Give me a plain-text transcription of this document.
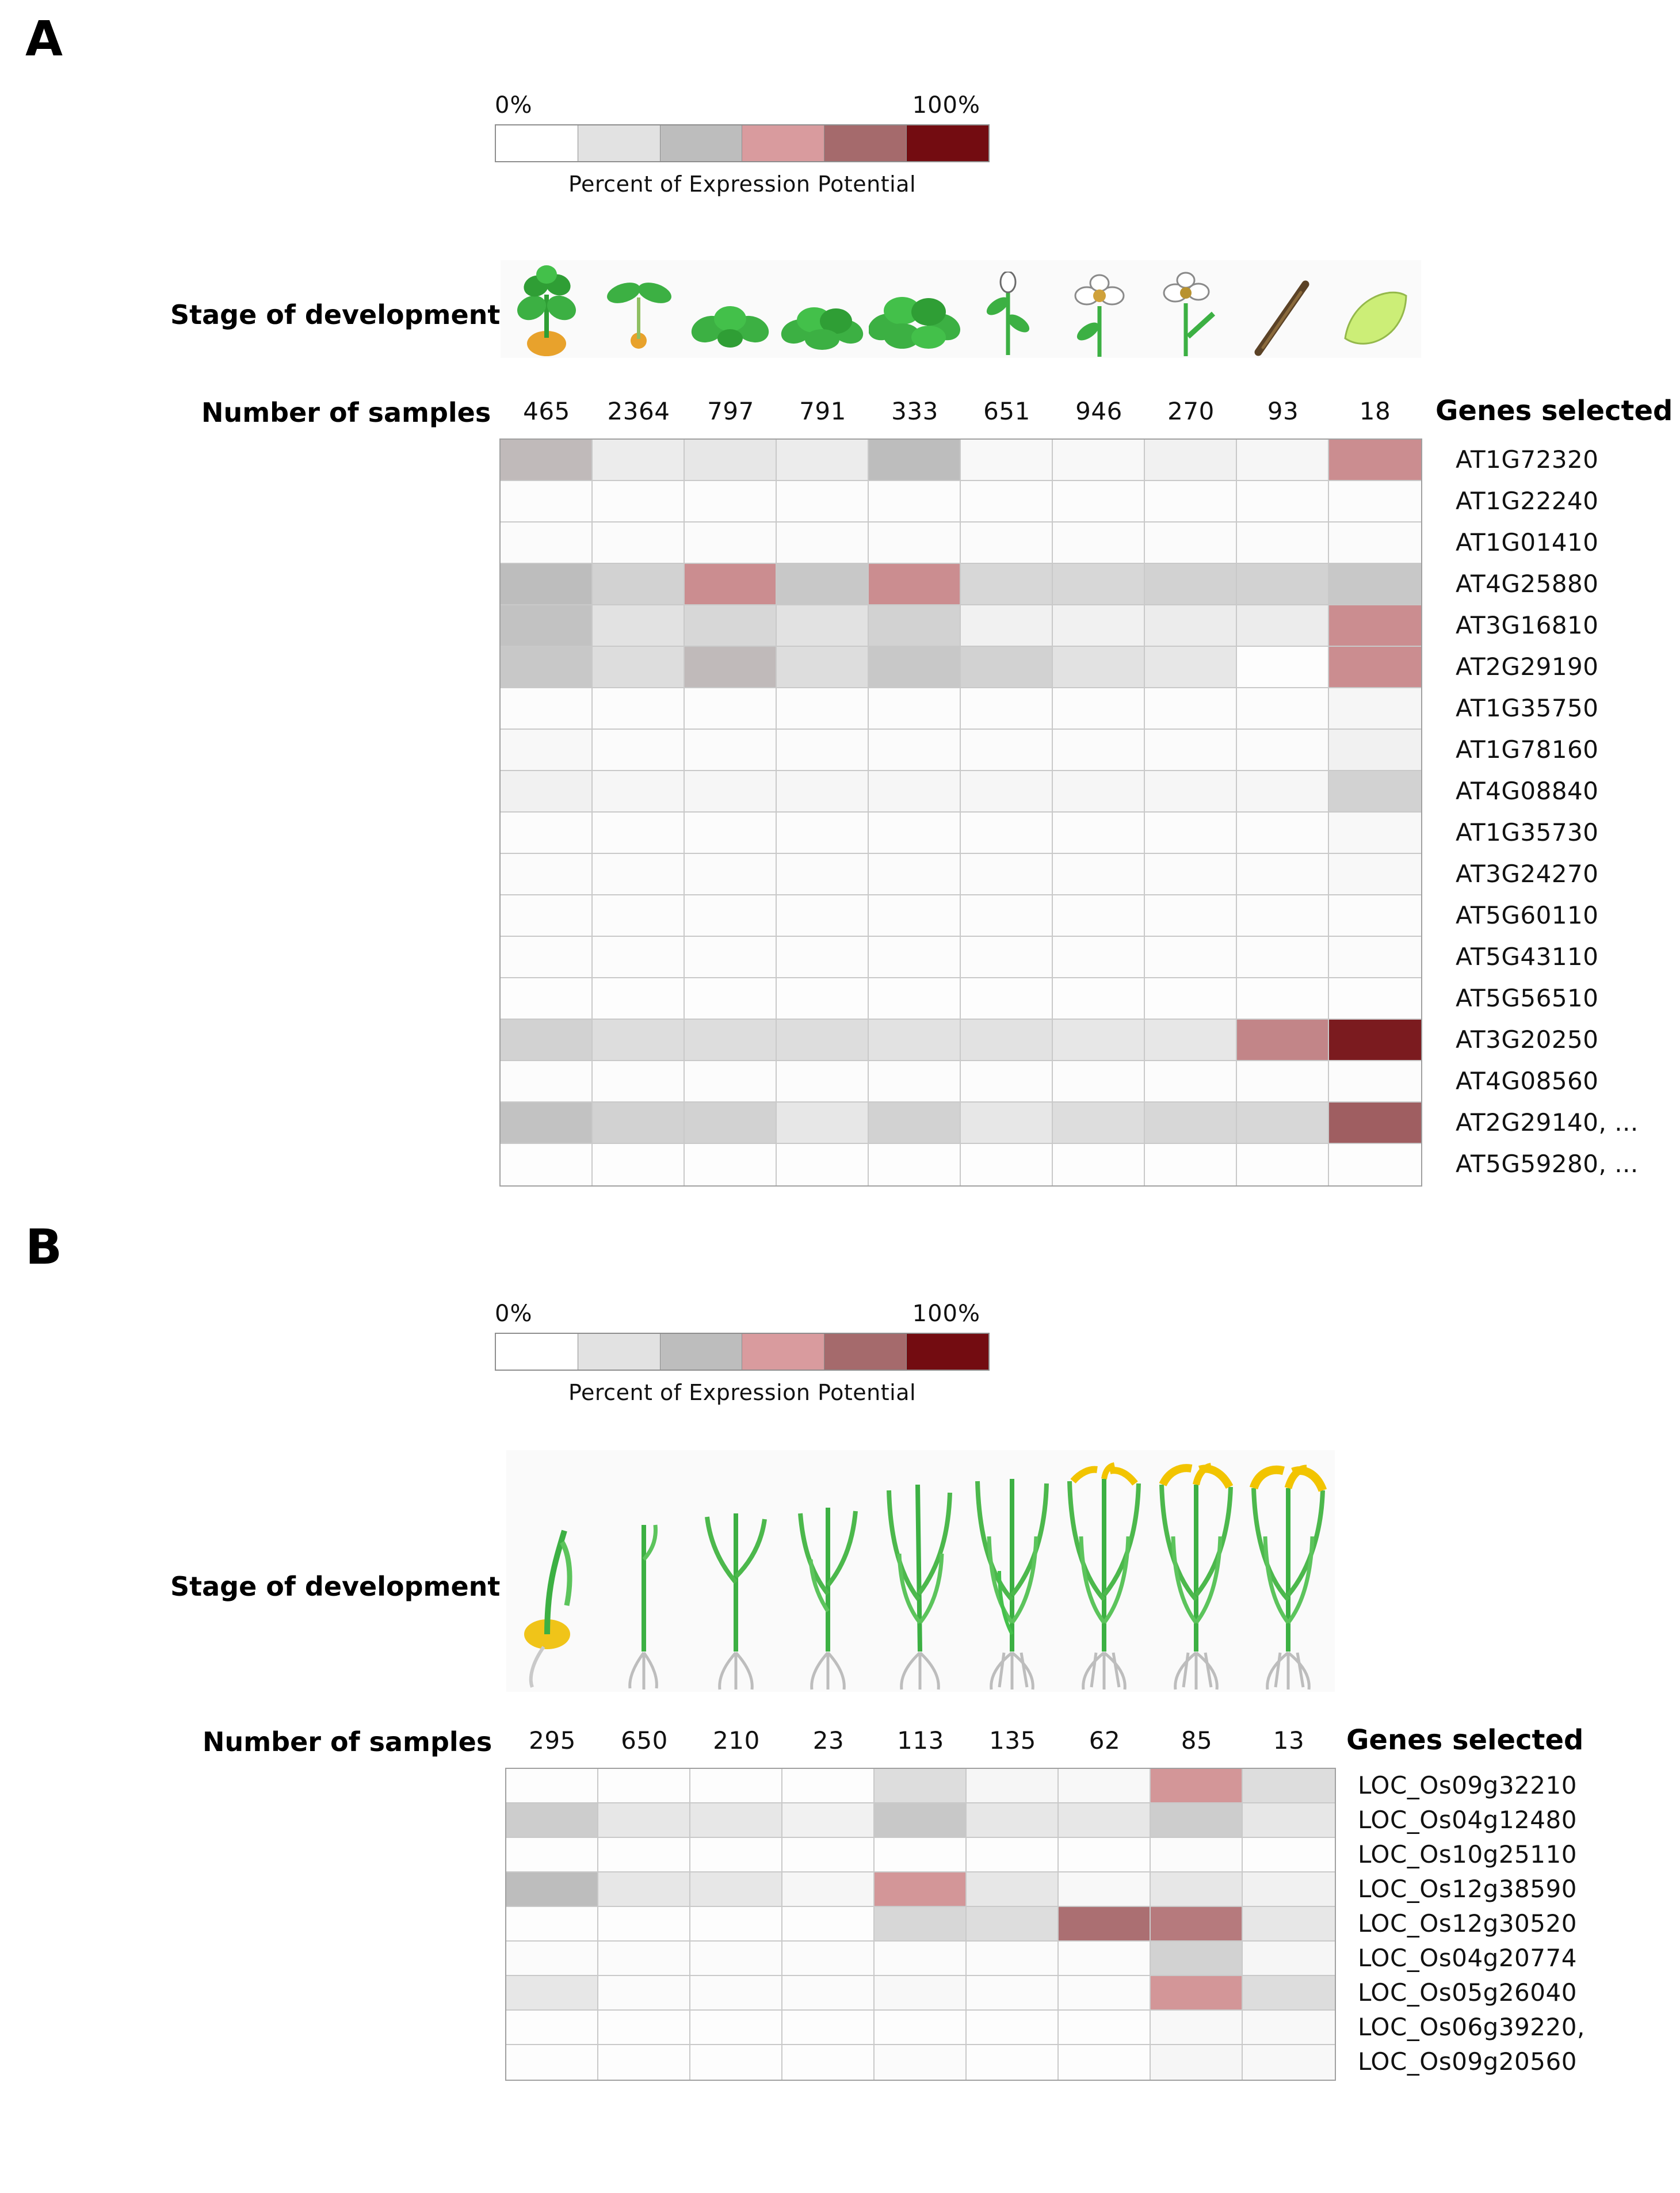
A
0%	100%
Percent of Expression Potential
Stage of development
Number of samples	465	2364	797	791	333	651	946	270	93	18	Genes selected
AT1G72320
AT1G22240
AT1G01410
AT4G25880
AT3G16810
AT2G29190
AT1G35750
AT1G78160
AT4G08840
AT1G35730
AT3G24270
AT5G60110
AT5G43110
AT5G56510
AT3G20250
AT4G08560
AT2G29140, ...
AT5G59280, ...
B
0%	100%
Percent of Expression Potential
Stage of development
Number of samples	295	650	210	23	113	135	62	85	13	Genes selected
LOC_Os09g32210
LOC_Os04g12480
LOC_Os10g25110
LOC_Os12g38590
LOC_Os12g30520
LOC_Os04g20774
LOC_Os05g26040
LOC_Os06g39220,
LOC_Os09g20560
